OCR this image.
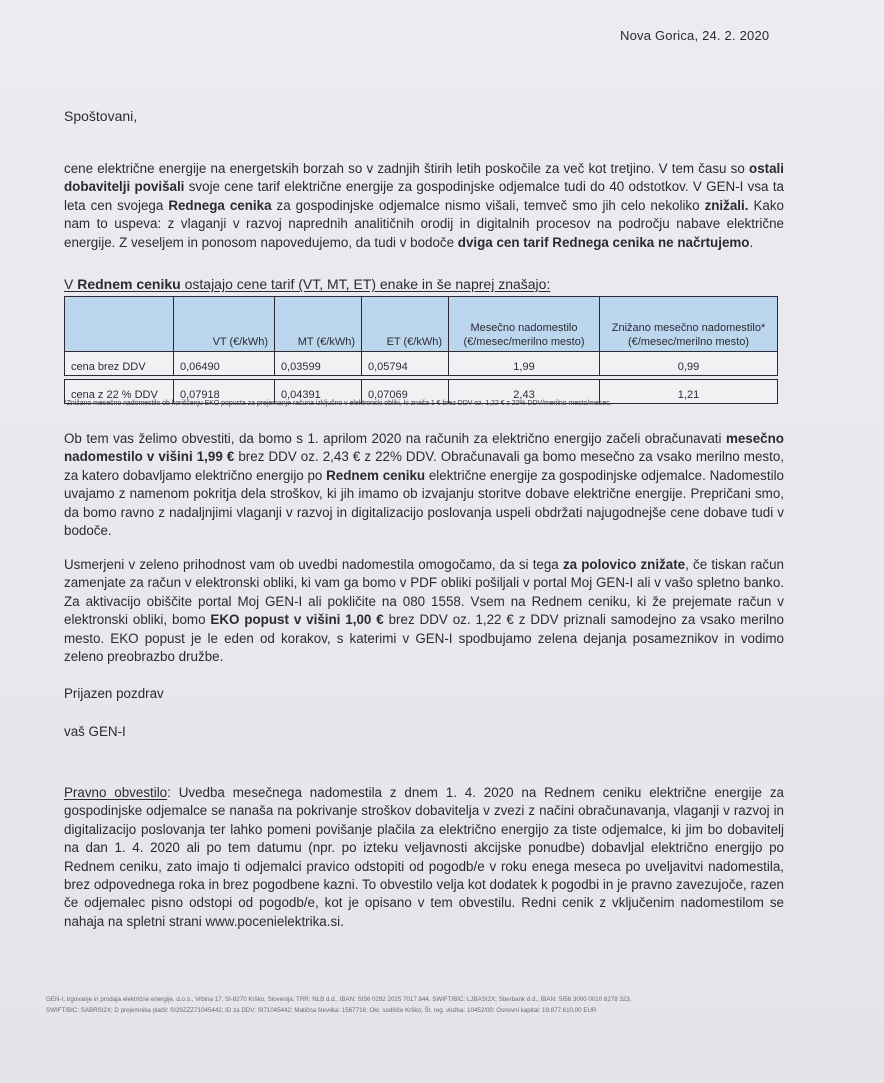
Nova Gorica, 24. 2. 2020
Spoštovani,
cene električne energije na energetskih borzah so v zadnjih štirih letih poskočile za več kot tretjino. V tem času so ostali dobavitelji povišali svoje cene tarif električne energije za gospodinjske odjemalce tudi do 40 odstotkov. V GEN-I vsa ta leta cen svojega Rednega cenika za gospodinjske odjemalce nismo višali, temveč smo jih celo nekoliko znižali. Kako nam to uspeva: z vlaganji v razvoj naprednih analitičnih orodij in digitalnih procesov na področju nabave električne energije. Z veseljem in ponosom napovedujemo, da tudi v bodoče dviga cen tarif Rednega cenika ne načrtujemo.
V Rednem ceniku ostajajo cene tarif (VT, MT, ET) enake in še naprej znašajo:
	VT (€/kWh)	MT (€/kWh)	ET (€/kWh)	Mesečno nadomestilo (€/mesec/merilno mesto)	Znižano mesečno nadomestilo* (€/mesec/merilno mesto)
cena brez DDV	0,06490	0,03599	0,05794	1,99	0,99

cena z 22 % DDV	0,07918	0,04391	0,07069	2,43	1,21
*Znižano mesečno nadomestilo ob koriščenju EKO popusta za prejemanje računa izključno v elektronski obliki, ki znaša 1 € brez DDV oz. 1,22 € z 22% DDV/merilno mesto/mesec.
Ob tem vas želimo obvestiti, da bomo s 1. aprilom 2020 na računih za električno energijo začeli obračunavati mesečno nadomestilo v višini 1,99 € brez DDV oz. 2,43 € z 22% DDV. Obračunavali ga bomo mesečno za vsako merilno mesto, za katero dobavljamo električno energijo po Rednem ceniku električne energije za gospodinjske odjemalce. Nadomestilo uvajamo z namenom pokritja dela stroškov, ki jih imamo ob izvajanju storitve dobave električne energije. Prepričani smo, da bomo ravno z nadaljnjimi vlaganji v razvoj in digitalizacijo poslovanja uspeli obdržati najugodnejše cene dobave tudi v bodoče.
Usmerjeni v zeleno prihodnost vam ob uvedbi nadomestila omogočamo, da si tega za polovico znižate, če tiskan račun zamenjate za račun v elektronski obliki, ki vam ga bomo v PDF obliki pošiljali v portal Moj GEN-I ali v vašo spletno banko. Za aktivacijo obiščite portal Moj GEN-I ali pokličite na 080 1558. Vsem na Rednem ceniku, ki že prejemate račun v elektronski obliki, bomo EKO popust v višini 1,00 € brez DDV oz. 1,22 € z DDV priznali samodejno za vsako merilno mesto. EKO popust je le eden od korakov, s katerimi v GEN-I spodbujamo zelena dejanja posameznikov in vodimo zeleno preobrazbo družbe.
Prijazen pozdrav
vaš GEN-I
Pravno obvestilo: Uvedba mesečnega nadomestila z dnem 1. 4. 2020 na Rednem ceniku električne energije za gospodinjske odjemalce se nanaša na pokrivanje stroškov dobavitelja v zvezi z načini obračunavanja, vlaganji v razvoj in digitalizacijo poslovanja ter lahko pomeni povišanje plačila za električno energijo za tiste odjemalce, ki jim bo dobavitelj na dan 1. 4. 2020 ali po tem datumu (npr. po izteku veljavnosti akcijske ponudbe) dobavljal električno energijo po Rednem ceniku, zato imajo ti odjemalci pravico odstopiti od pogodb/e v roku enega meseca po uveljavitvi nadomestila, brez odpovednega roka in brez pogodbene kazni. To obvestilo velja kot dodatek k pogodbi in je pravno zavezujoče, razen če odjemalec pisno odstopi od pogodb/e, kot je opisano v tem obvestilu. Redni cenik z vključenim nadomestilom se nahaja na spletni strani www.pocenielektrika.si.
GEN-I, trgovanje in prodaja električne energije, d.o.o., Vrbina 17, SI-8270 Krško, Slovenija; TRR: NLB d.d., IBAN: SI56 0292 2025 7017 844, SWIFT/BIC: LJBASI2X; Sberbank d.d., IBAN: SI56 3000 0010 8278 323,
SWIFT/BIC: SABRSI2X; D prejemnika plačil: SI29ZZZ71045442; ID za DDV: SI71045442; Matična številka: 1567716; Okr. sodišče Krško; Št. reg. vložka: 10452/00; Osnovni kapital: 19.877.610,00 EUR
